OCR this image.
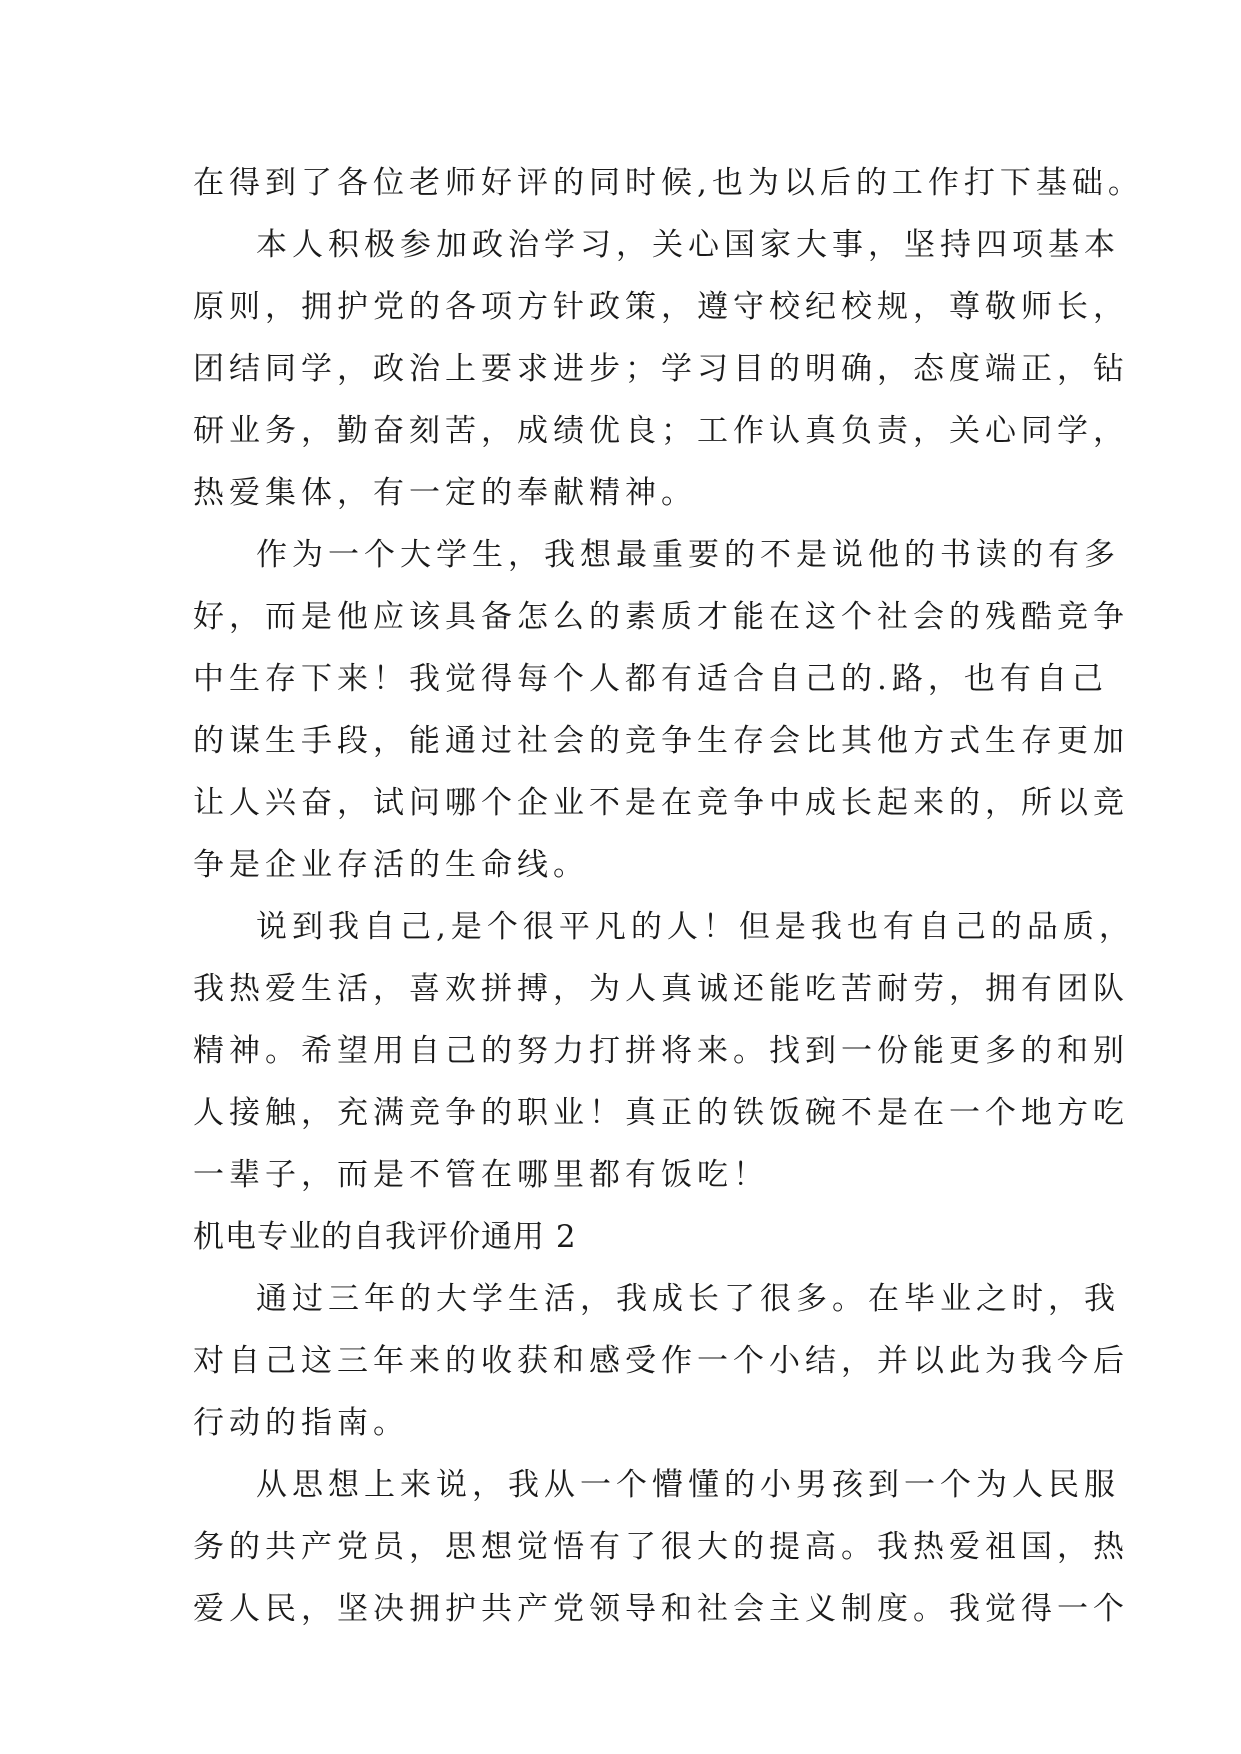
在得到了各位老师好评的同时候,也为以后的工作打下基础。
本人积极参加政治学习，关心国家大事，坚持四项基本
原则，拥护党的各项方针政策，遵守校纪校规，尊敬师长，
团结同学，政治上要求进步；学习目的明确，态度端正，钻
研业务，勤奋刻苦，成绩优良；工作认真负责，关心同学，
热爱集体，有一定的奉献精神。
作为一个大学生，我想最重要的不是说他的书读的有多
好，而是他应该具备怎么的素质才能在这个社会的残酷竞争
中生存下来！我觉得每个人都有适合自己的.路，也有自己
的谋生手段，能通过社会的竞争生存会比其他方式生存更加
让人兴奋，试问哪个企业不是在竞争中成长起来的，所以竞
争是企业存活的生命线。
说到我自己,是个很平凡的人！但是我也有自己的品质，
我热爱生活，喜欢拼搏，为人真诚还能吃苦耐劳，拥有团队
精神。希望用自己的努力打拼将来。找到一份能更多的和别
人接触，充满竞争的职业！真正的铁饭碗不是在一个地方吃
一辈子，而是不管在哪里都有饭吃！
机电专业的自我评价通用 2
通过三年的大学生活，我成长了很多。在毕业之时，我
对自己这三年来的收获和感受作一个小结，并以此为我今后
行动的指南。
从思想上来说，我从一个懵懂的小男孩到一个为人民服
务的共产党员，思想觉悟有了很大的提高。我热爱祖国，热
爱人民，坚决拥护共产党领导和社会主义制度。我觉得一个
